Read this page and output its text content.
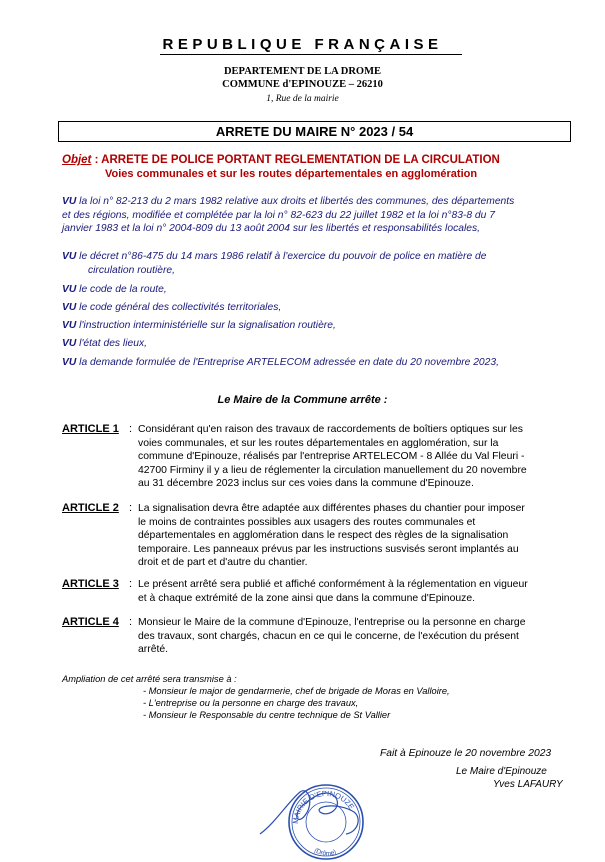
REPUBLIQUE FRANÇAISE
DEPARTEMENT DE LA DROME
COMMUNE d'EPINOUZE – 26210
1, Rue de la mairie
ARRETE DU MAIRE N° 2023 / 54
Objet : ARRETE DE POLICE PORTANT REGLEMENTATION DE LA CIRCULATION
Voies communales et sur les routes départementales en agglomération
VU la loi n° 82-213 du 2 mars 1982 relative aux droits et libertés des communes, des départements
et des régions, modifiée et complétée par la loi n° 82-623 du 22 juillet 1982 et la loi n°83-8 du 7
janvier 1983 et la loi n° 2004-809 du 13 août 2004 sur les libertés et responsabilités locales,
VU le décret n°86-475 du 14 mars 1986 relatif à l'exercice du pouvoir de police en matière de
circulation routière,
VU le code de la route,
VU le code général des collectivités territoriales,
VU l'instruction interministérielle sur la signalisation routière,
VU l'état des lieux,
VU la demande formulée de l'Entreprise ARTELECOM adressée en date du 20 novembre 2023,
Le Maire de la Commune arrête :
ARTICLE 1 : Considérant qu'en raison des travaux de raccordements de boîtiers optiques sur les
voies communales, et sur les routes départementales en agglomération, sur la
commune d'Epinouze, réalisés par l'entreprise ARTELECOM - 8 Allée du Val Fleuri -
42700 Firminy il y a lieu de réglementer la circulation manuellement du 20 novembre
au 31 décembre 2023 inclus sur ces voies dans la commune d'Epinouze.
ARTICLE 2 : La signalisation devra être adaptée aux différentes phases du chantier pour imposer
le moins de contraintes possibles aux usagers des routes communales et
départementales en agglomération dans le respect des règles de la signalisation
temporaire. Les panneaux prévus par les instructions susvisés seront implantés au
droit et de part et d'autre du chantier.
ARTICLE 3 : Le présent arrêté sera publié et affiché conformément à la réglementation en vigueur
et à chaque extrémité de la zone ainsi que dans la commune d'Epinouze.
ARTICLE 4 : Monsieur le Maire de la commune d'Epinouze, l'entreprise ou la personne en charge
des travaux, sont chargés, chacun en ce qui le concerne, de l'exécution du présent
arrêté.
Ampliation de cet arrêté sera transmise à :
- Monsieur le major de gendarmerie, chef de brigade de Moras en Valloire,
- L'entreprise ou la personne en charge des travaux,
- Monsieur le Responsable du centre technique de St Vallier
Fait à Epinouze le 20 novembre 2023
Le Maire d'Epinouze
Yves LAFAURY
MAIRIE D'EPINOUZE
(Drôme)
